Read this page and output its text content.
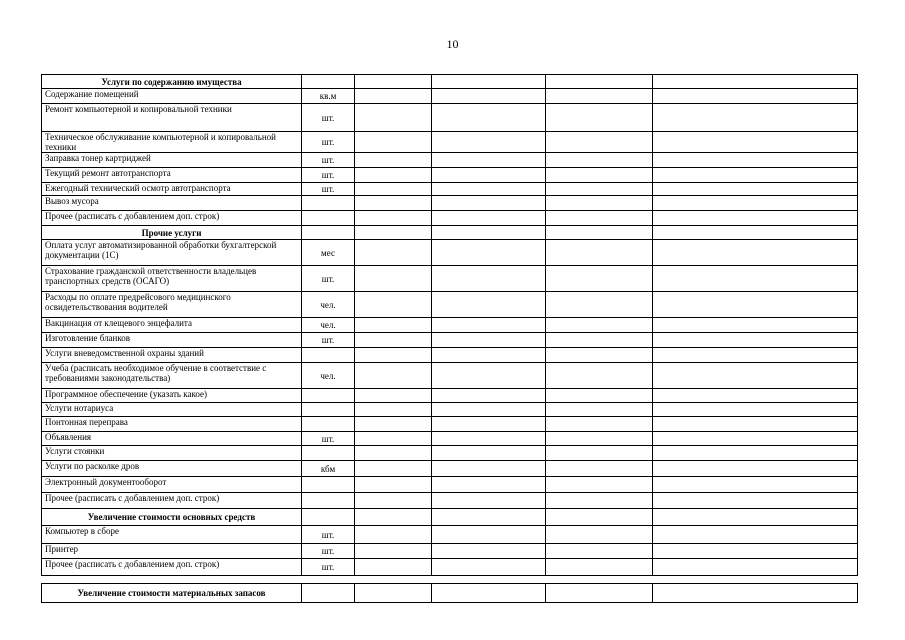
10
Услуги по содержанию имущества					
Содержание помещений	кв.м				
Ремонт компьютерной и копировальной техники	шт.				
Техническое обслуживание компьютерной и копировальной техники	шт.				
Заправка тонер картриджей	шт.				
Текущий ремонт автотранспорта	шт.				
Ежегодный технический осмотр автотранспорта	шт.				
Вывоз мусора					
Прочее (расписать с добавлением доп. строк)					
Прочие услуги					
Оплата услуг автоматизированной обработки бухгалтерской документации (1С)	мес				
Страхование гражданской ответственности владельцев транспортных средств (ОСАГО)	шт.				
Расходы по оплате предрейсового медицинского освидетельствования водителей	чел.				
Вакцинация от клещевого энцефалита	чел.				
Изготовление бланков	шт.				
Услуги вневедомственной охраны зданий					
Учеба (расписать необходимое обучение в соответствие с требованиями законодательства)	чел.				
Программное обеспечение (указать какое)					
Услуги нотариуса					
Понтонная переправа					
Объявления	шт.				
Услуги стоянки					
Услуги по расколке дров	кбм				
Электронный документооборот					
Прочее (расписать с добавлением доп. строк)					
Увеличение стоимости основных средств					
Компьютер в сборе	шт.				
Принтер	шт.				
Прочее (расписать с добавлением доп. строк)	шт.				
Увеличение стоимости материальных запасов					
